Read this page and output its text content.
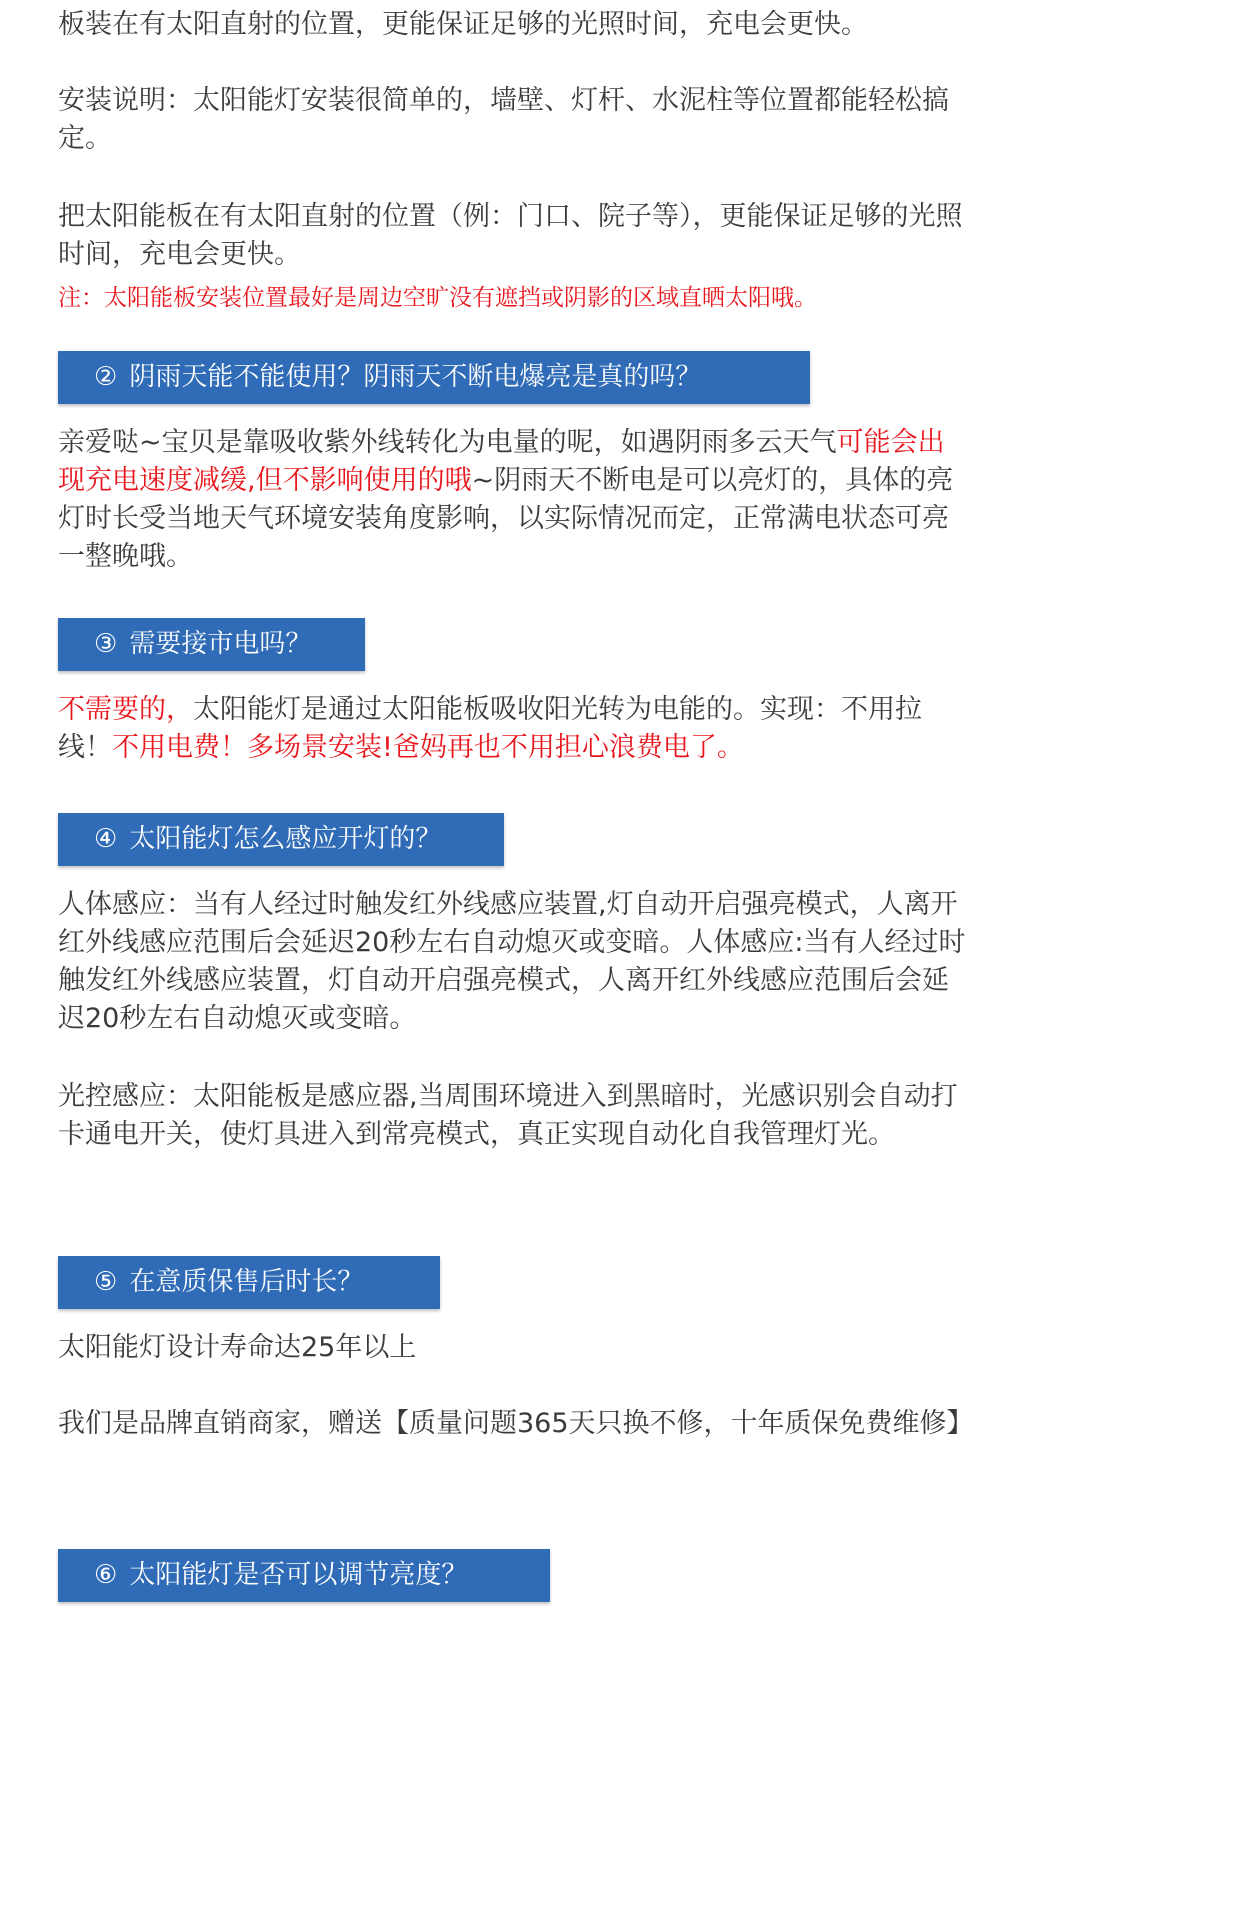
板装在有太阳直射的位置，更能保证足够的光照时间，充电会更快。

安装说明：太阳能灯安装很简单的，墙壁、灯杆、水泥柱等位置都能轻松搞定。

把太阳能板在有太阳直射的位置（例：门口、院子等），更能保证足够的光照时间，充电会更快。

注：太阳能板安装位置最好是周边空旷没有遮挡或阴影的区域直晒太阳哦。

② 阴雨天能不能使用？阴雨天不断电爆亮是真的吗？

亲爱哒~宝贝是靠吸收紫外线转化为电量的呢，如遇阴雨多云天气可能会出现充电速度减缓,但不影响使用的哦~阴雨天不断电是可以亮灯的，具体的亮灯时长受当地天气环境安装角度影响，以实际情况而定，正常满电状态可亮一整晚哦。

③ 需要接市电吗？

不需要的，太阳能灯是通过太阳能板吸收阳光转为电能的。实现：不用拉线！不用电费！多场景安装!爸妈再也不用担心浪费电了。

④ 太阳能灯怎么感应开灯的？

人体感应：当有人经过时触发红外线感应装置,灯自动开启强亮模式，人离开红外线感应范围后会延迟20秒左右自动熄灭或变暗。人体感应:当有人经过时触发红外线感应装置，灯自动开启强亮模式，人离开红外线感应范围后会延迟20秒左右自动熄灭或变暗。

光控感应：太阳能板是感应器,当周围环境进入到黑暗时，光感识别会自动打卡通电开关，使灯具进入到常亮模式，真正实现自动化自我管理灯光。

⑤ 在意质保售后时长？

太阳能灯设计寿命达25年以上

我们是品牌直销商家，赠送【质量问题365天只换不修，十年质保免费维修】

⑥ 太阳能灯是否可以调节亮度？
